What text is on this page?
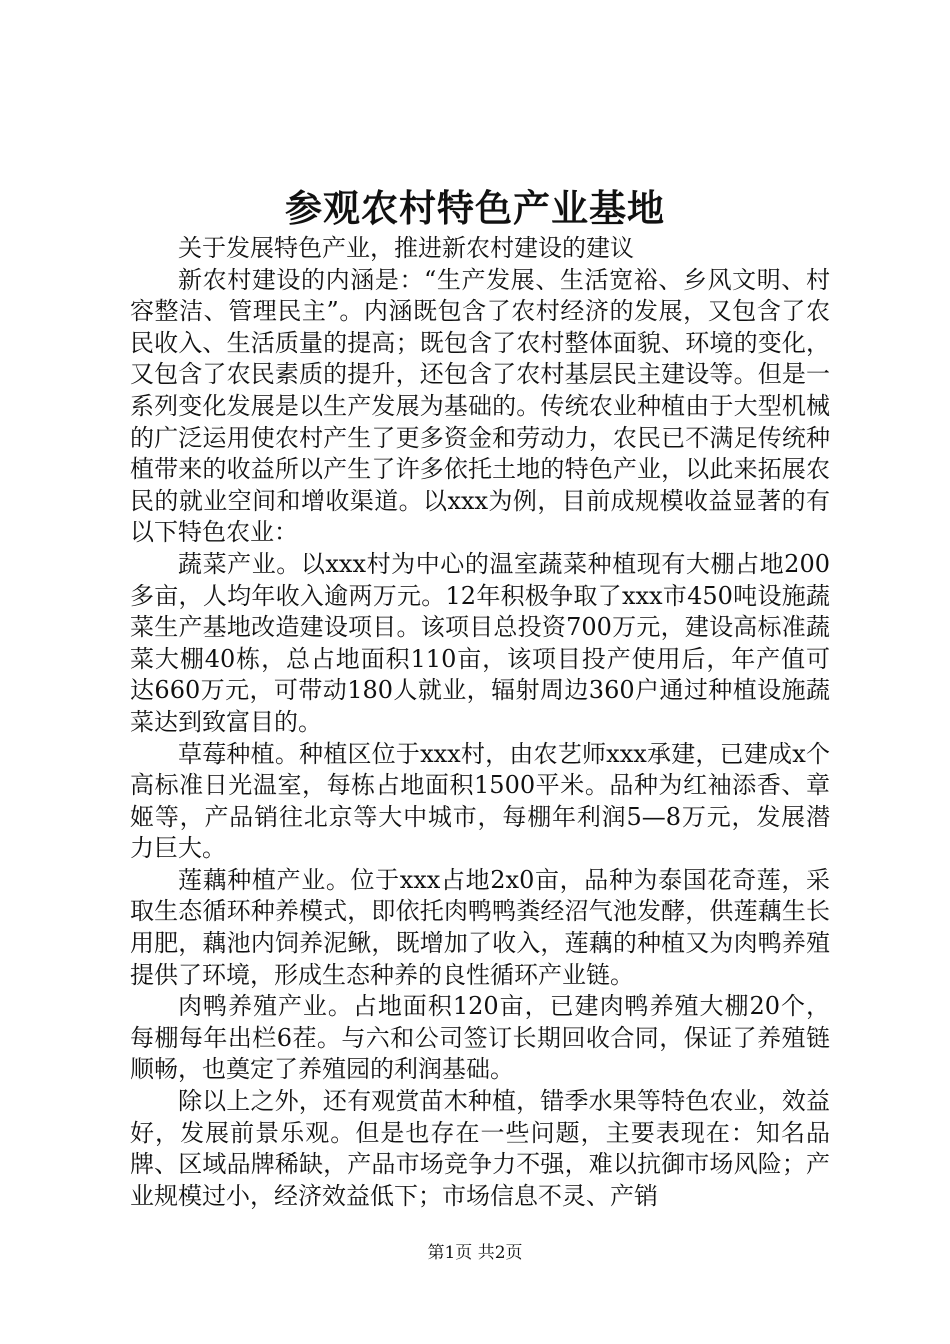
参观农村特色产业基地

关于发展特色产业，推进新农村建设的建议

新农村建设的内涵是：“生产发展、生活宽裕、乡风文明、村容整洁、管理民主”。内涵既包含了农村经济的发展，又包含了农民收入、生活质量的提高；既包含了农村整体面貌、环境的变化，又包含了农民素质的提升，还包含了农村基层民主建设等。但是一系列变化发展是以生产发展为基础的。传统农业种植由于大型机械的广泛运用使农村产生了更多资金和劳动力，农民已不满足传统种植带来的收益所以产生了许多依托土地的特色产业，以此来拓展农民的就业空间和增收渠道。以xxx为例，目前成规模收益显著的有以下特色农业：

蔬菜产业。以xxx村为中心的温室蔬菜种植现有大棚占地200多亩，人均年收入逾两万元。12年积极争取了xxx市450吨设施蔬菜生产基地改造建设项目。该项目总投资700万元，建设高标准蔬菜大棚40栋，总占地面积110亩，该项目投产使用后，年产值可达660万元，可带动180人就业，辐射周边360户通过种植设施蔬菜达到致富目的。

草莓种植。种植区位于xxx村，由农艺师xxx承建，已建成x个高标准日光温室，每栋占地面积1500平米。品种为红袖添香、章姬等，产品销往北京等大中城市，每棚年利润5—8万元，发展潜力巨大。

莲藕种植产业。位于xxx占地2x0亩，品种为泰国花奇莲，采取生态循环种养模式，即依托肉鸭鸭粪经沼气池发酵，供莲藕生长用肥，藕池内饲养泥鳅，既增加了收入，莲藕的种植又为肉鸭养殖提供了环境，形成生态种养的良性循环产业链。

肉鸭养殖产业。占地面积120亩，已建肉鸭养殖大棚20个，每棚每年出栏6茬。与六和公司签订长期回收合同，保证了养殖链顺畅，也奠定了养殖园的利润基础。

除以上之外，还有观赏苗木种植，错季水果等特色农业，效益好，发展前景乐观。但是也存在一些问题，主要表现在：知名品牌、区域品牌稀缺，产品市场竞争力不强，难以抗御市场风险；产业规模过小，经济效益低下；市场信息不灵、产销

第1页 共2页
